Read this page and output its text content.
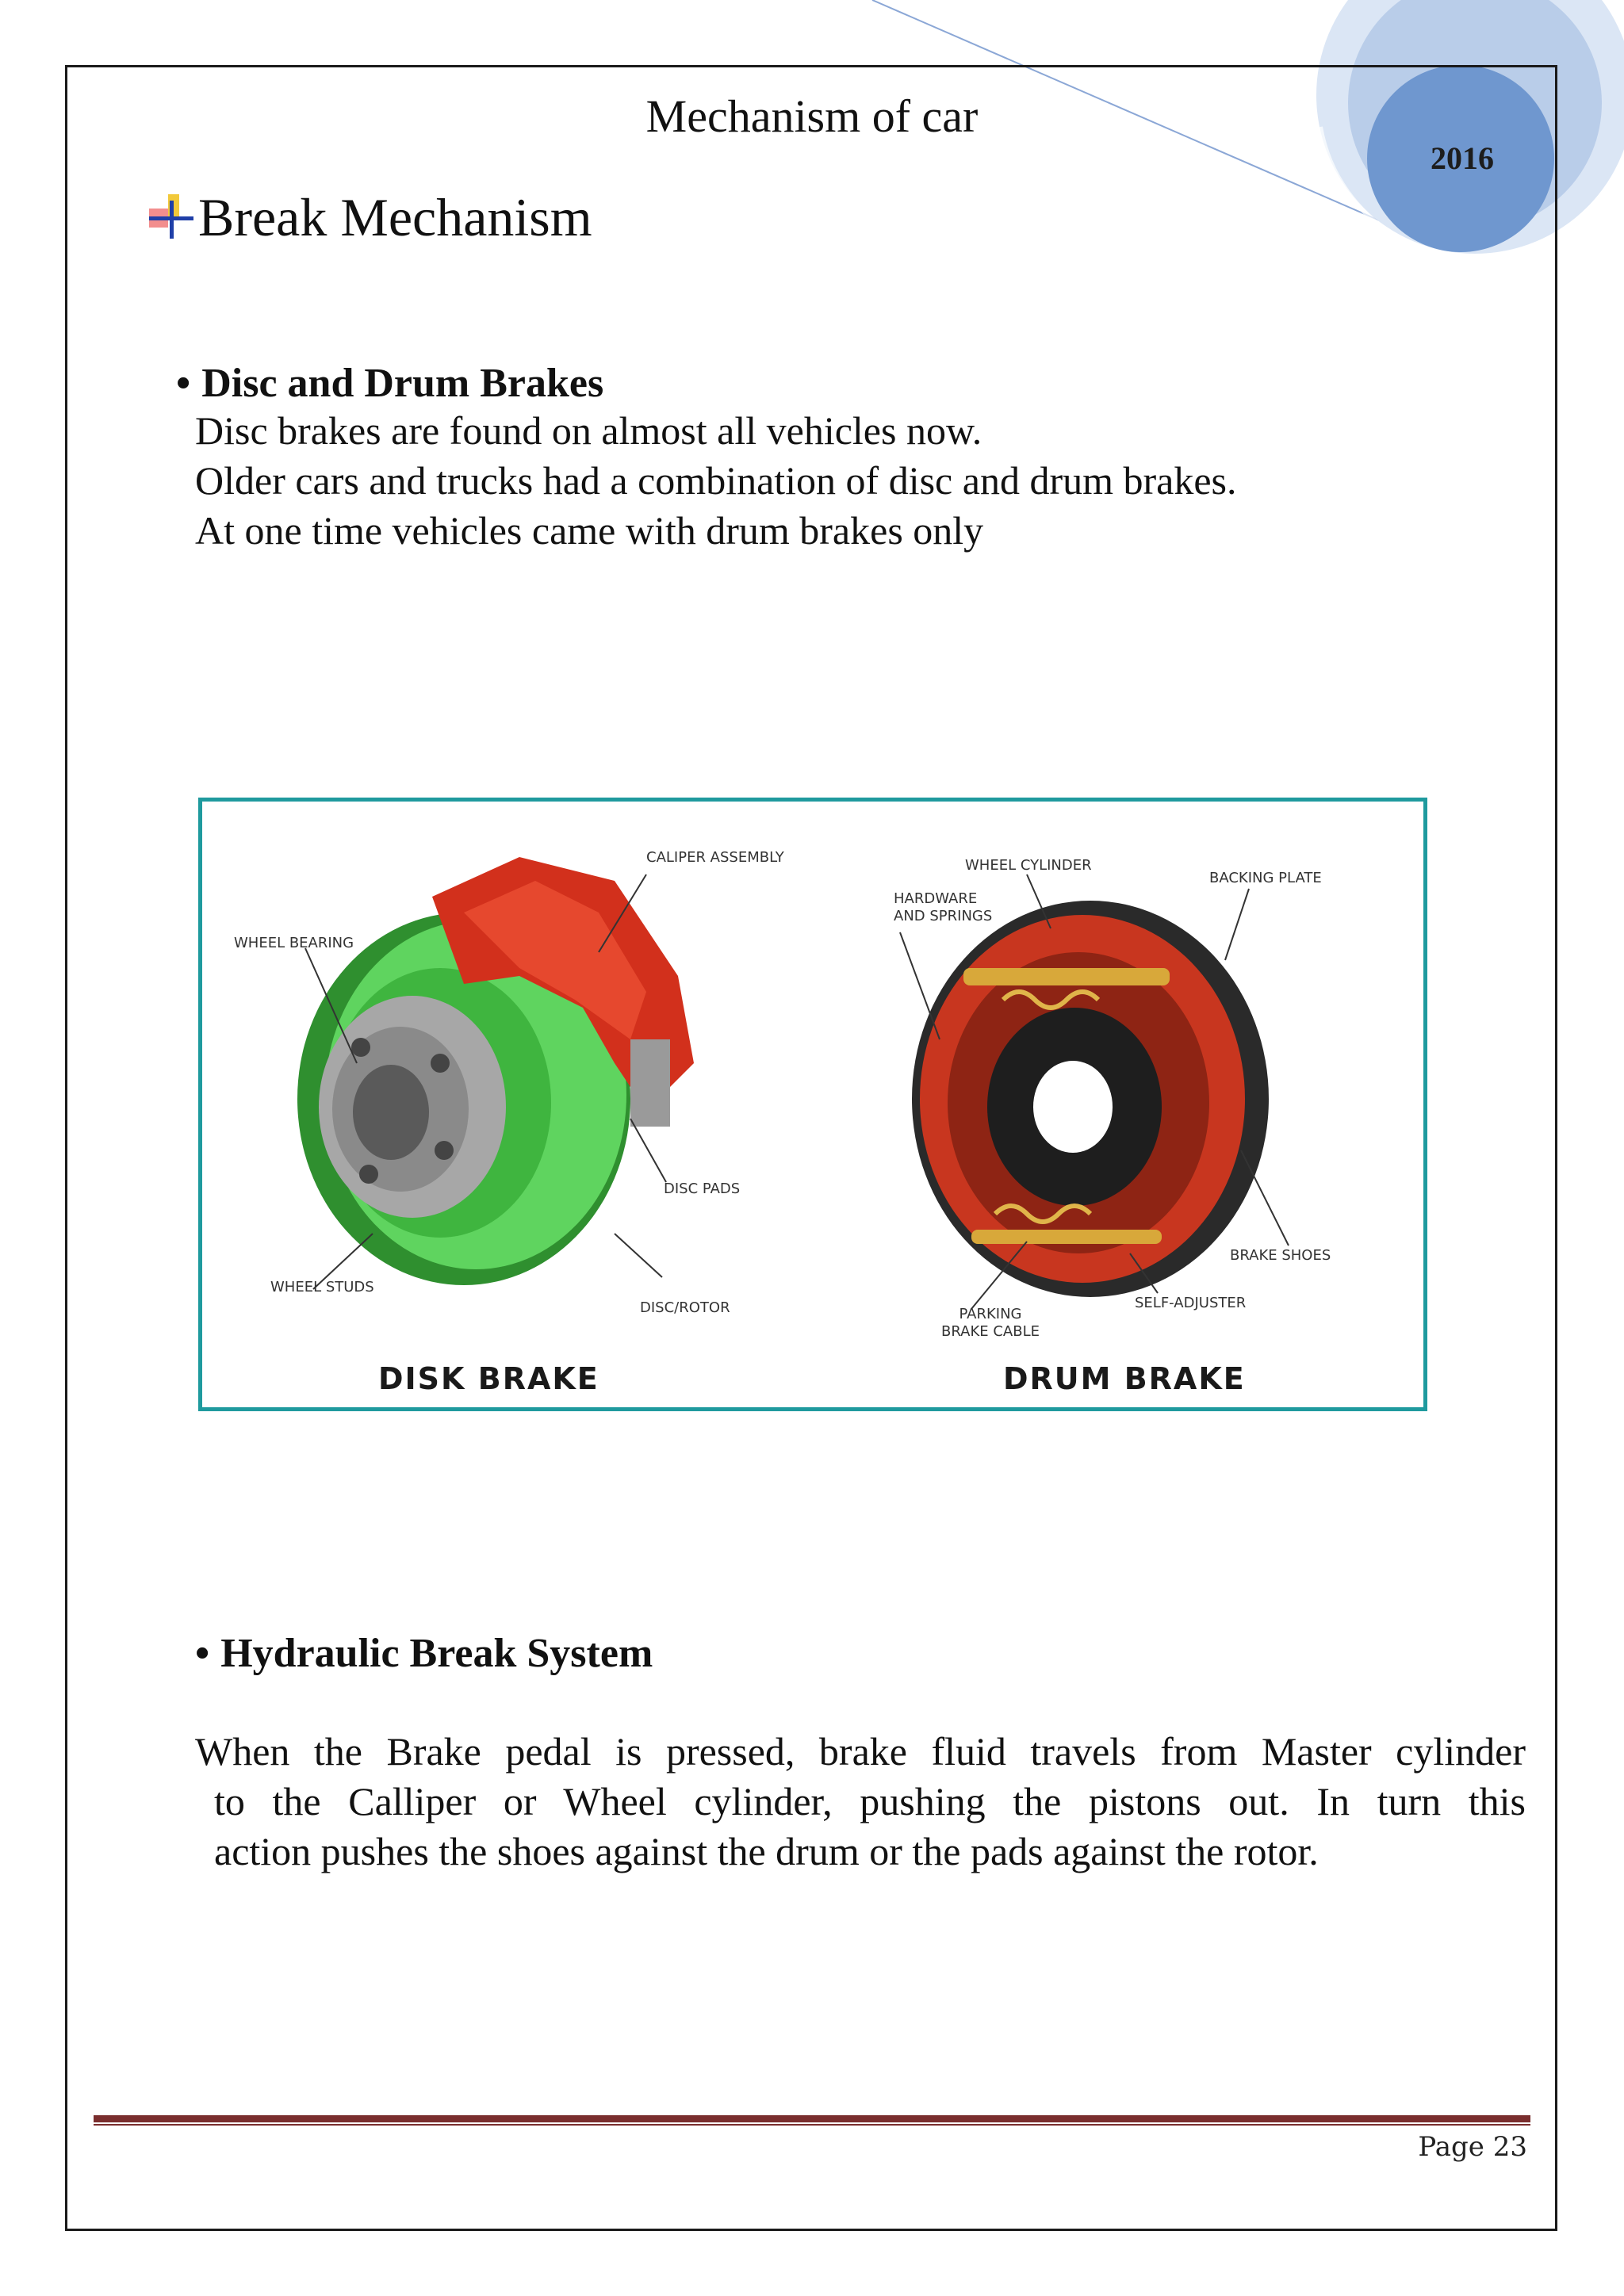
Mechanism of car
2016
Break Mechanism
• Disc and Drum Brakes
Disc brakes are found on almost all vehicles now.
Older cars and trucks had a combination of disc and drum brakes.
At one time vehicles came with drum brakes only
CALIPER ASSEMBLY
WHEEL BEARING
DISC PADS
WHEEL STUDS
DISC/ROTOR
WHEEL CYLINDER
BACKING PLATE
HARDWARE
AND SPRINGS
BRAKE SHOES
SELF-ADJUSTER
PARKING
BRAKE CABLE
DISK BRAKE	DRUM BRAKE
• Hydraulic Break System
When the Brake pedal is pressed, brake fluid travels from Master cylinder
to the Calliper or Wheel cylinder, pushing the pistons out. In turn this
action pushes the shoes against the drum or the pads against the rotor.
Page 23
